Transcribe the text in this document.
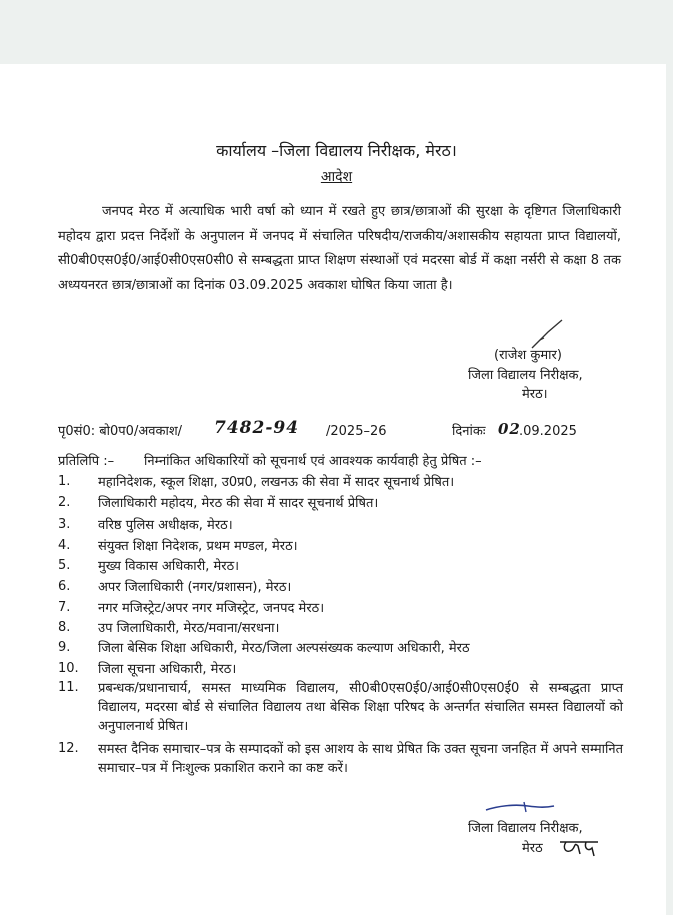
कार्यालय –जिला विद्यालय निरीक्षक, मेरठ।
आदेश
जनपद मेरठ में अत्याधिक भारी वर्षा को ध्यान में रखते हुए छात्र/छात्राओं की सुरक्षा के दृष्टिगत जिलाधिकारी महोदय द्वारा प्रदत्त निर्देशों के अनुपालन में जनपद में संचालित परिषदीय/राजकीय/अशासकीय सहायता प्राप्त विद्यालयों, सी0बी0एस0ई0/आई0सी0एस0सी0 से सम्बद्धता प्राप्त शिक्षण संस्थाओं एवं मदरसा बोर्ड में कक्षा नर्सरी से कक्षा 8 तक अध्ययनरत छात्र/छात्राओं का दिनांक 03.09.2025 अवकाश घोषित किया जाता है।
(राजेश कुमार)
जिला विद्यालय निरीक्षक,
मेरठ।
पृ0सं0: बो0प0/अवकाश/ 7482-94 /2025–26	दिनांकः 02
.09.2025
प्रतिलिपि :– निम्नांकित अधिकारियों को सूचनार्थ एवं आवश्यक कार्यवाही हेतु प्रेषित :–
1. महानिदेशक, स्कूल शिक्षा, उ0प्र0, लखनऊ की सेवा में सादर सूचनार्थ प्रेषित।
2. जिलाधिकारी महोदय, मेरठ की सेवा में सादर सूचनार्थ प्रेषित।
3. वरिष्ठ पुलिस अधीक्षक, मेरठ।
4. संयुक्त शिक्षा निदेशक, प्रथम मण्डल, मेरठ।
5. मुख्य विकास अधिकारी, मेरठ।
6. अपर जिलाधिकारी (नगर/प्रशासन), मेरठ।
7. नगर मजिस्ट्रेट/अपर नगर मजिस्ट्रेट, जनपद मेरठ।
8. उप जिलाधिकारी, मेरठ/मवाना/सरधना।
9. जिला बेसिक शिक्षा अधिकारी, मेरठ/जिला अल्पसंख्यक कल्याण अधिकारी, मेरठ
10. जिला सूचना अधिकारी, मेरठ।
11. प्रबन्धक/प्रधानाचार्य, समस्त माध्यमिक विद्यालय, सी0बी0एस0ई0/आई0सी0एस0ई0 से सम्बद्धता प्राप्त विद्यालय, मदरसा बोर्ड से संचालित विद्यालय तथा बेसिक शिक्षा परिषद के अन्तर्गत संचालित समस्त विद्यालयों को अनुपालनार्थ प्रेषित।
12. समस्त दैनिक समाचार–पत्र के सम्पादकों को इस आशय के साथ प्रेषित कि उक्त सूचना जनहित में अपने सम्मानित समाचार–पत्र में निःशुल्क प्रकाशित कराने का कष्ट करें।
जिला विद्यालय निरीक्षक,
मेरठ
